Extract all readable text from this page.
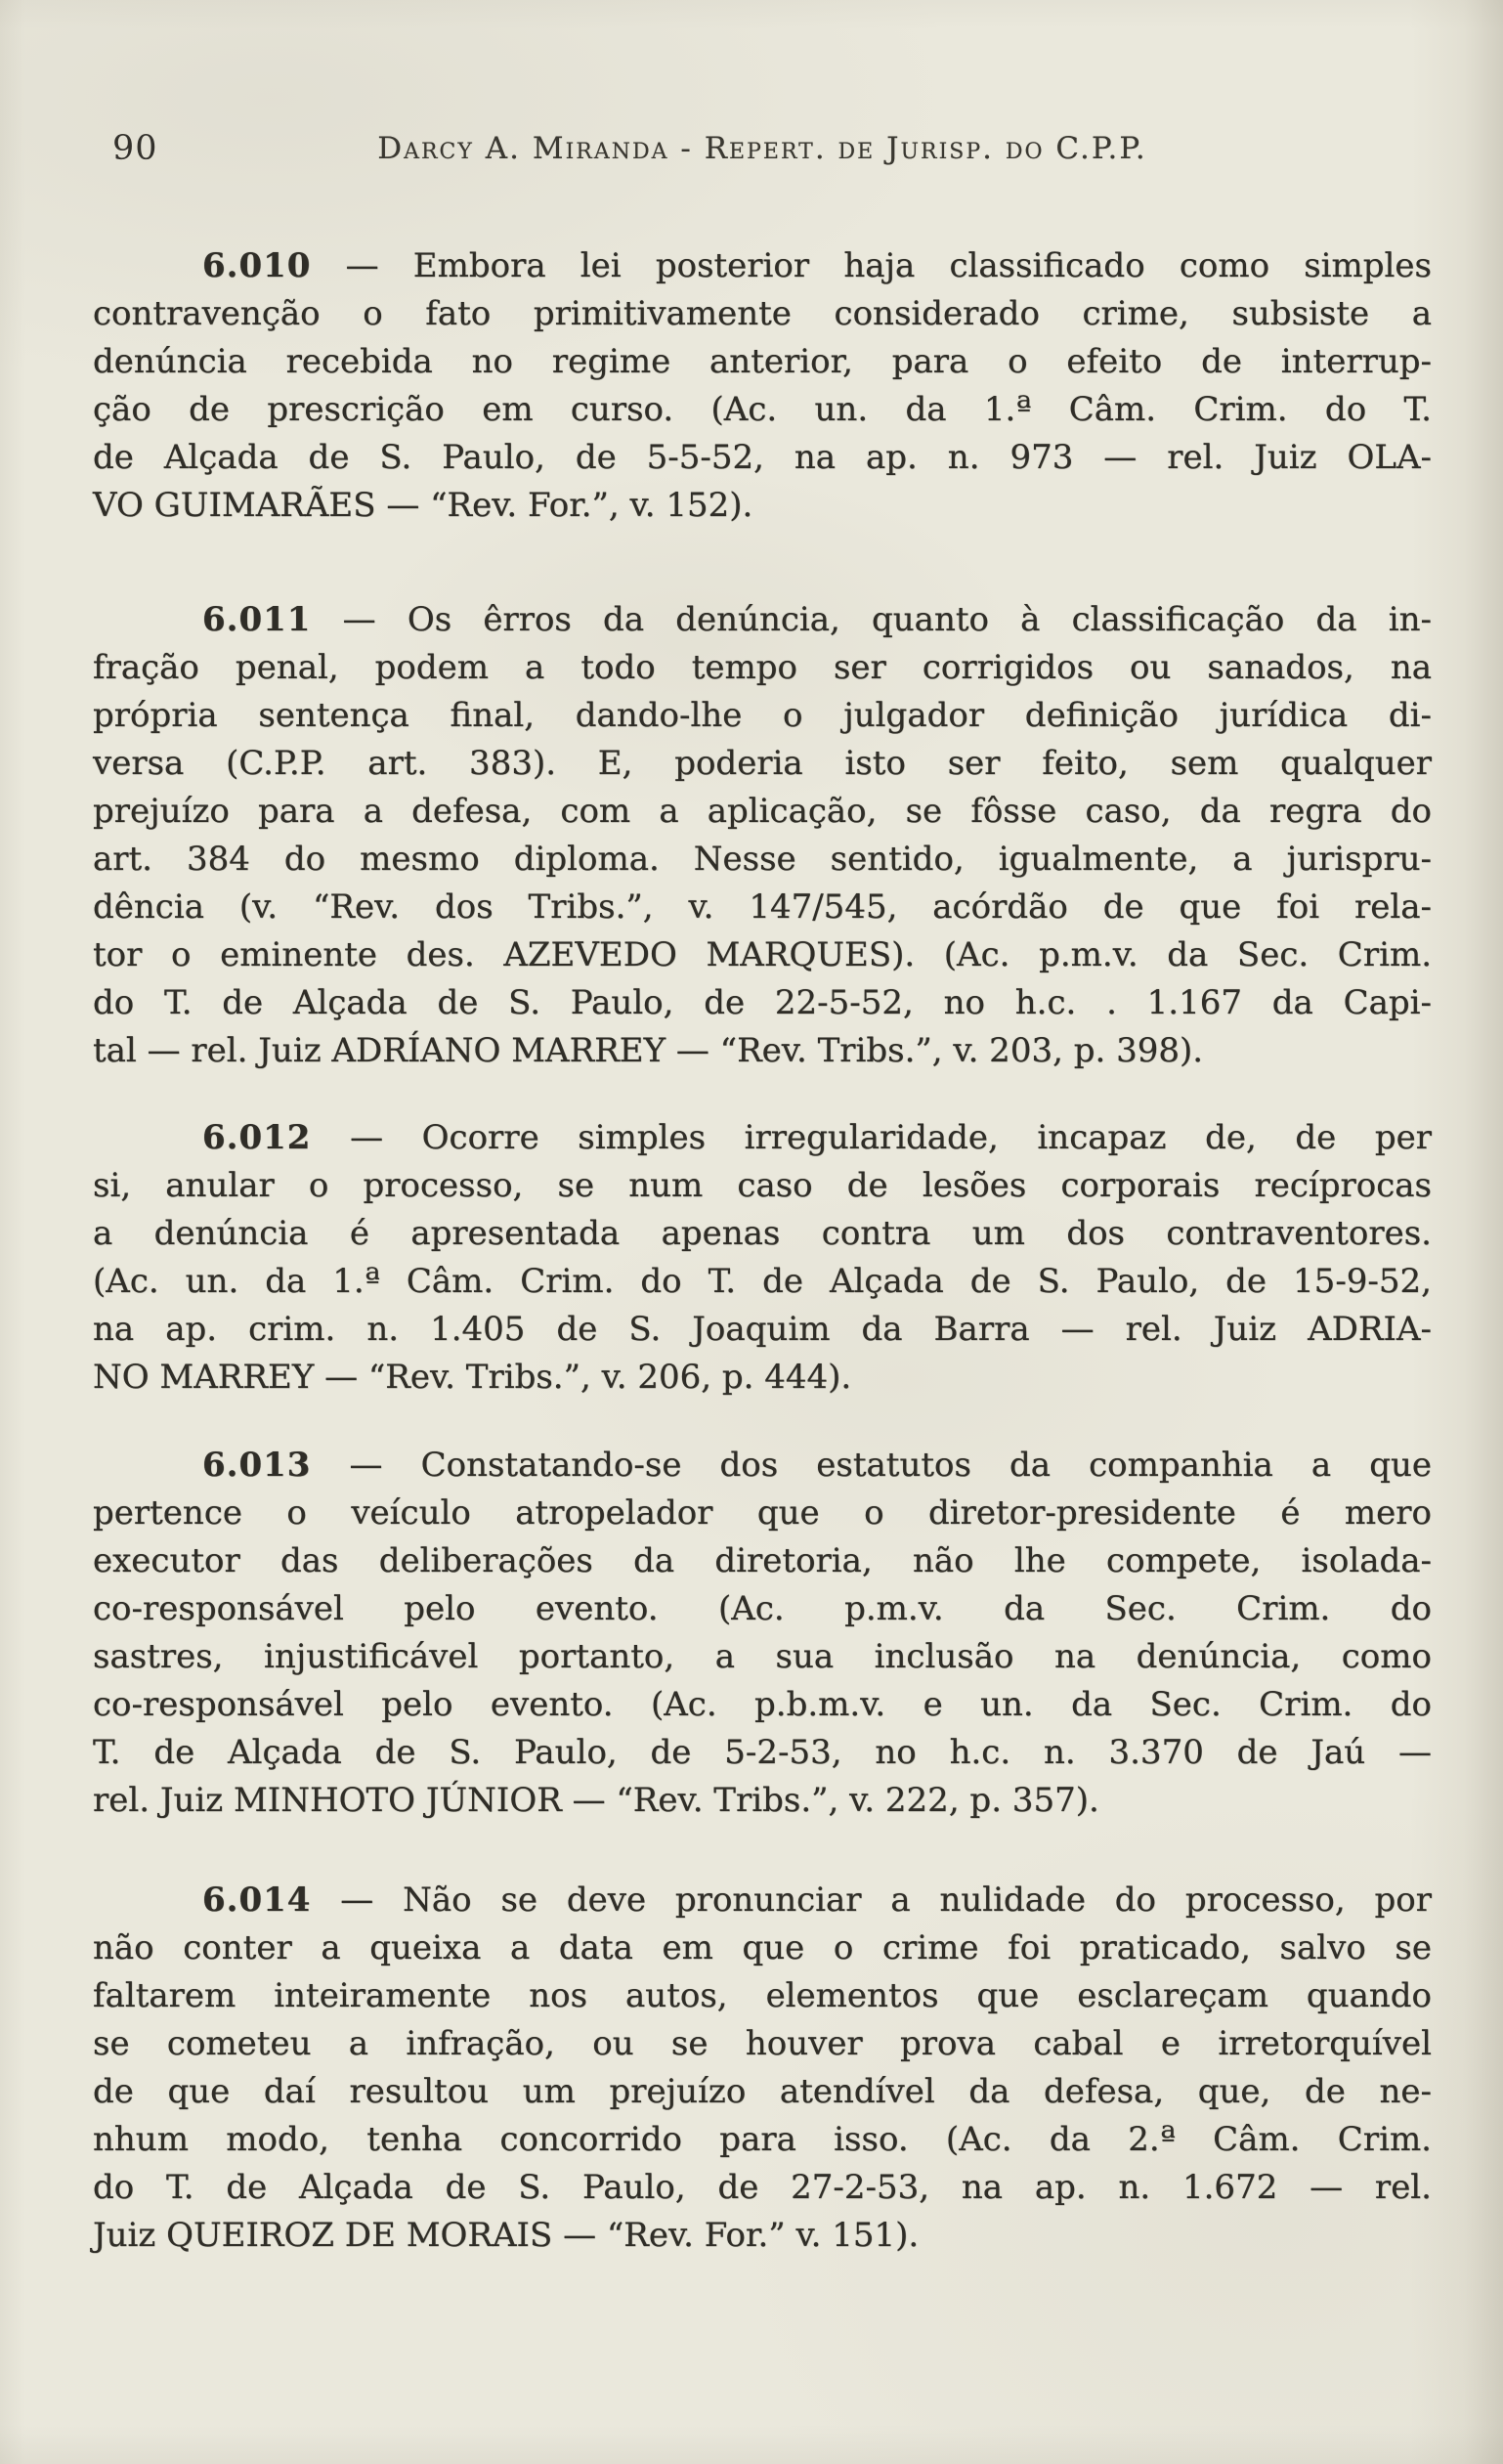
90	Darcy A. Miranda - Repert. de Jurisp. do C.P.P.
6.010 — Embora lei posterior haja classificado como simples
contravenção o fato primitivamente considerado crime, subsiste a
denúncia recebida no regime anterior, para o efeito de interrup-
ção de prescrição em curso. (Ac. un. da 1.ª Câm. Crim. do T.
de Alçada de S. Paulo, de 5-5-52, na ap. n. 973 — rel. Juiz OLA-
VO GUIMARÃES — “Rev. For.”, v. 152).
6.011 — Os êrros da denúncia, quanto à classificação da in-
fração penal, podem a todo tempo ser corrigidos ou sanados, na
própria sentença final, dando-lhe o julgador definição jurídica di-
versa (C.P.P. art. 383). E, poderia isto ser feito, sem qualquer
prejuízo para a defesa, com a aplicação, se fôsse caso, da regra do
art. 384 do mesmo diploma. Nesse sentido, igualmente, a jurispru-
dência (v. “Rev. dos Tribs.”, v. 147/545, acórdão de que foi rela-
tor o eminente des. AZEVEDO MARQUES). (Ac. p.m.v. da Sec. Crim.
do T. de Alçada de S. Paulo, de 22-5-52, no h.c. . 1.167 da Capi-
tal — rel. Juiz ADRÍANO MARREY — “Rev. Tribs.”, v. 203, p. 398).
6.012 — Ocorre simples irregularidade, incapaz de, de per
si, anular o processo, se num caso de lesões corporais recíprocas
a denúncia é apresentada apenas contra um dos contraventores.
(Ac. un. da 1.ª Câm. Crim. do T. de Alçada de S. Paulo, de 15-9-52,
na ap. crim. n. 1.405 de S. Joaquim da Barra — rel. Juiz ADRIA-
NO MARREY — “Rev. Tribs.”, v. 206, p. 444).
6.013 — Constatando-se dos estatutos da companhia a que
pertence o veículo atropelador que o diretor-presidente é mero
executor das deliberações da diretoria, não lhe compete, isolada-
co-responsável pelo evento. (Ac. p.m.v. da Sec. Crim. do
sastres, injustificável portanto, a sua inclusão na denúncia, como
co-responsável pelo evento. (Ac. p.b.m.v. e un. da Sec. Crim. do
T. de Alçada de S. Paulo, de 5-2-53, no h.c. n. 3.370 de Jaú —
rel. Juiz MINHOTO JÚNIOR — “Rev. Tribs.”, v. 222, p. 357).
6.014 — Não se deve pronunciar a nulidade do processo, por
não conter a queixa a data em que o crime foi praticado, salvo se
faltarem inteiramente nos autos, elementos que esclareçam quando
se cometeu a infração, ou se houver prova cabal e irretorquível
de que daí resultou um prejuízo atendível da defesa, que, de ne-
nhum modo, tenha concorrido para isso. (Ac. da 2.ª Câm. Crim.
do T. de Alçada de S. Paulo, de 27-2-53, na ap. n. 1.672 — rel.
Juiz QUEIROZ DE MORAIS — “Rev. For.” v. 151).
